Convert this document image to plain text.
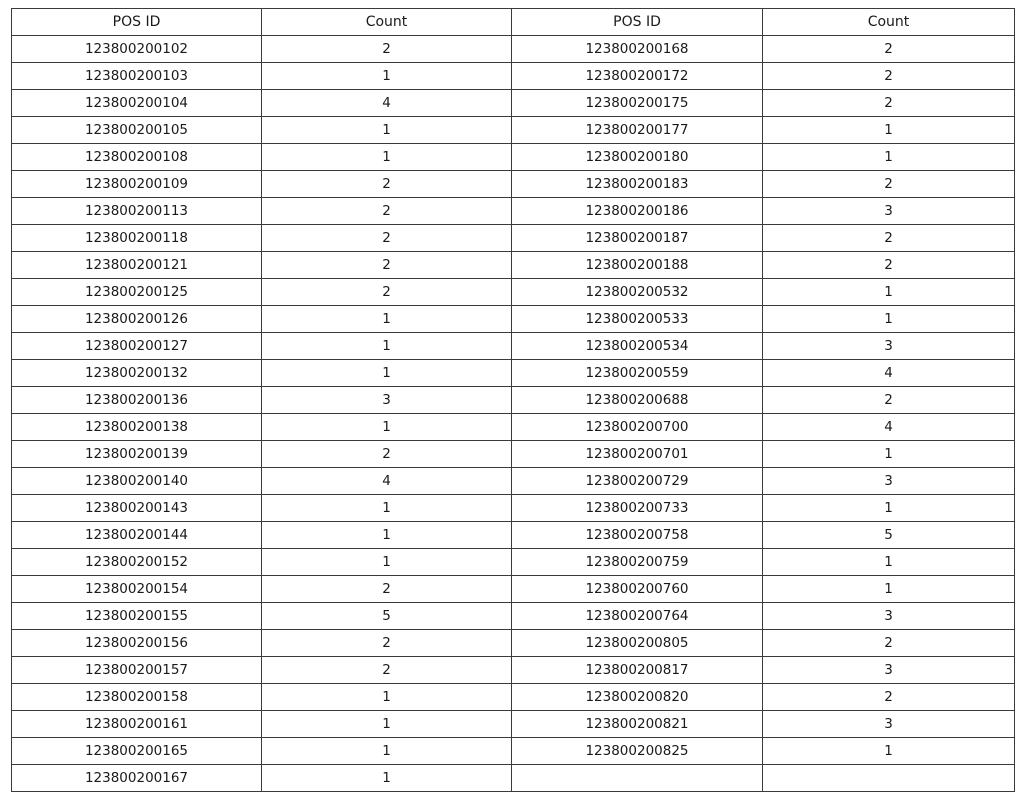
POS ID	Count	POS ID	Count
123800200102	2	123800200168	2
123800200103	1	123800200172	2
123800200104	4	123800200175	2
123800200105	1	123800200177	1
123800200108	1	123800200180	1
123800200109	2	123800200183	2
123800200113	2	123800200186	3
123800200118	2	123800200187	2
123800200121	2	123800200188	2
123800200125	2	123800200532	1
123800200126	1	123800200533	1
123800200127	1	123800200534	3
123800200132	1	123800200559	4
123800200136	3	123800200688	2
123800200138	1	123800200700	4
123800200139	2	123800200701	1
123800200140	4	123800200729	3
123800200143	1	123800200733	1
123800200144	1	123800200758	5
123800200152	1	123800200759	1
123800200154	2	123800200760	1
123800200155	5	123800200764	3
123800200156	2	123800200805	2
123800200157	2	123800200817	3
123800200158	1	123800200820	2
123800200161	1	123800200821	3
123800200165	1	123800200825	1
123800200167	1		
